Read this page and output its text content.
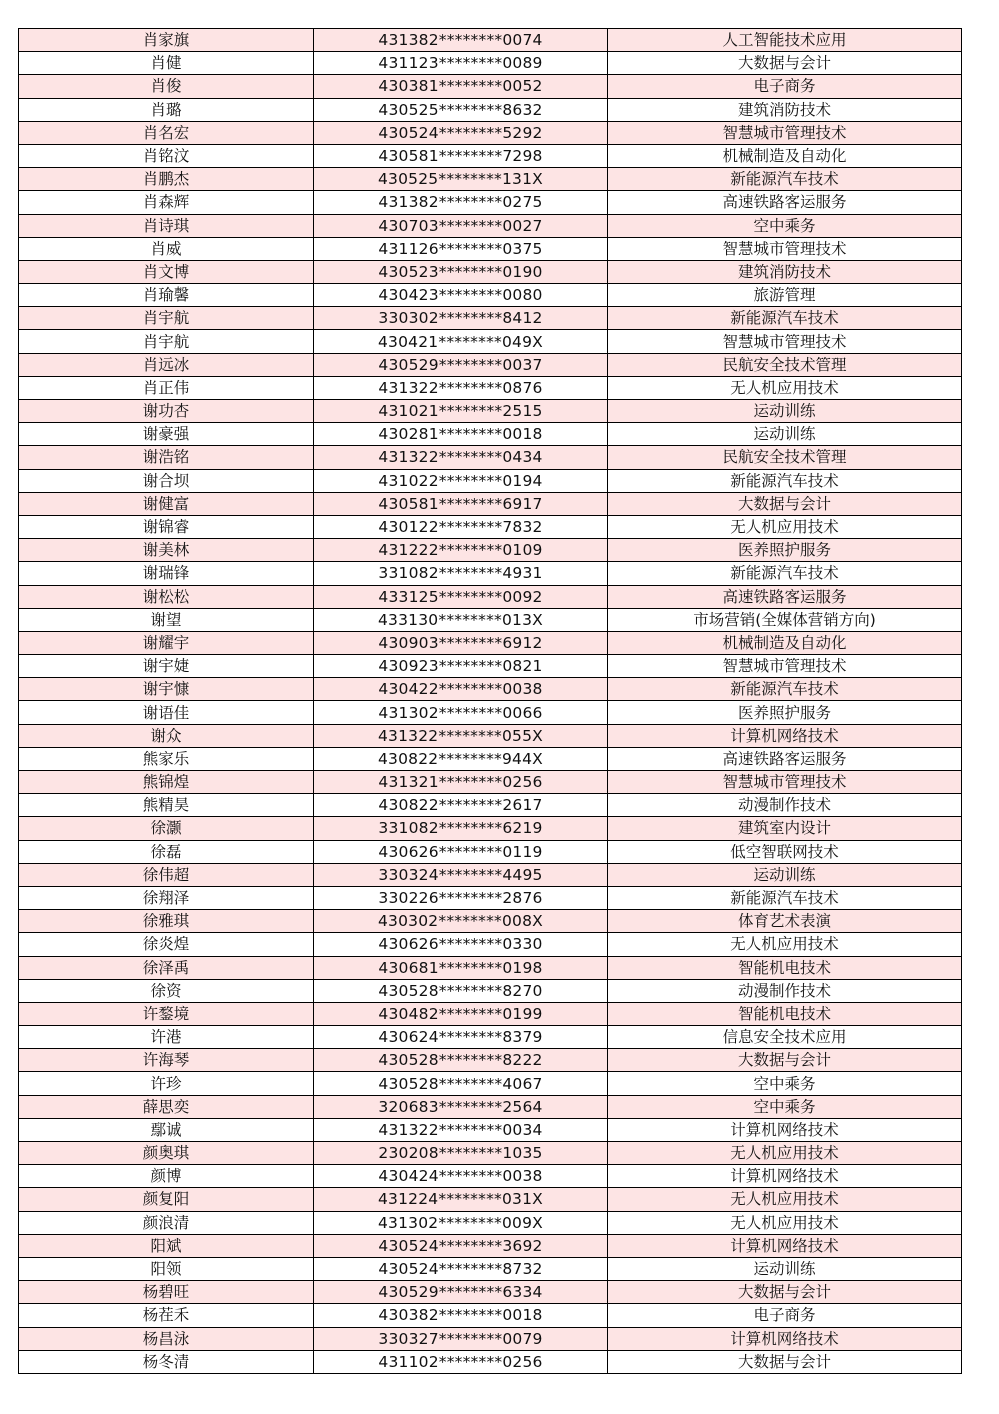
肖家旗	431382********0074	人工智能技术应用
肖健	431123********0089	大数据与会计
肖俊	430381********0052	电子商务
肖璐	430525********8632	建筑消防技术
肖名宏	430524********5292	智慧城市管理技术
肖铭汶	430581********7298	机械制造及自动化
肖鹏杰	430525********131X	新能源汽车技术
肖森辉	431382********0275	高速铁路客运服务
肖诗琪	430703********0027	空中乘务
肖威	431126********0375	智慧城市管理技术
肖文博	430523********0190	建筑消防技术
肖瑜馨	430423********0080	旅游管理
肖宇航	330302********8412	新能源汽车技术
肖宇航	430421********049X	智慧城市管理技术
肖远冰	430529********0037	民航安全技术管理
肖正伟	431322********0876	无人机应用技术
谢功杏	431021********2515	运动训练
谢豪强	430281********0018	运动训练
谢浩铭	431322********0434	民航安全技术管理
谢合坝	431022********0194	新能源汽车技术
谢健富	430581********6917	大数据与会计
谢锦睿	430122********7832	无人机应用技术
谢美林	431222********0109	医养照护服务
谢瑞锋	331082********4931	新能源汽车技术
谢松松	433125********0092	高速铁路客运服务
谢望	433130********013X	市场营销(全媒体营销方向)
谢耀宇	430903********6912	机械制造及自动化
谢宇婕	430923********0821	智慧城市管理技术
谢宇慷	430422********0038	新能源汽车技术
谢语佳	431302********0066	医养照护服务
谢众	431322********055X	计算机网络技术
熊家乐	430822********944X	高速铁路客运服务
熊锦煌	431321********0256	智慧城市管理技术
熊精昊	430822********2617	动漫制作技术
徐灏	331082********6219	建筑室内设计
徐磊	430626********0119	低空智联网技术
徐伟超	330324********4495	运动训练
徐翔泽	330226********2876	新能源汽车技术
徐雅琪	430302********008X	体育艺术表演
徐炎煌	430626********0330	无人机应用技术
徐泽禹	430681********0198	智能机电技术
徐资	430528********8270	动漫制作技术
许鍪境	430482********0199	智能机电技术
许港	430624********8379	信息安全技术应用
许海琴	430528********8222	大数据与会计
许珍	430528********4067	空中乘务
薛思奕	320683********2564	空中乘务
鄢诚	431322********0034	计算机网络技术
颜奥琪	230208********1035	无人机应用技术
颜博	430424********0038	计算机网络技术
颜复阳	431224********031X	无人机应用技术
颜浪清	431302********009X	无人机应用技术
阳斌	430524********3692	计算机网络技术
阳领	430524********8732	运动训练
杨碧旺	430529********6334	大数据与会计
杨茬禾	430382********0018	电子商务
杨昌泳	330327********0079	计算机网络技术
杨冬清	431102********0256	大数据与会计
